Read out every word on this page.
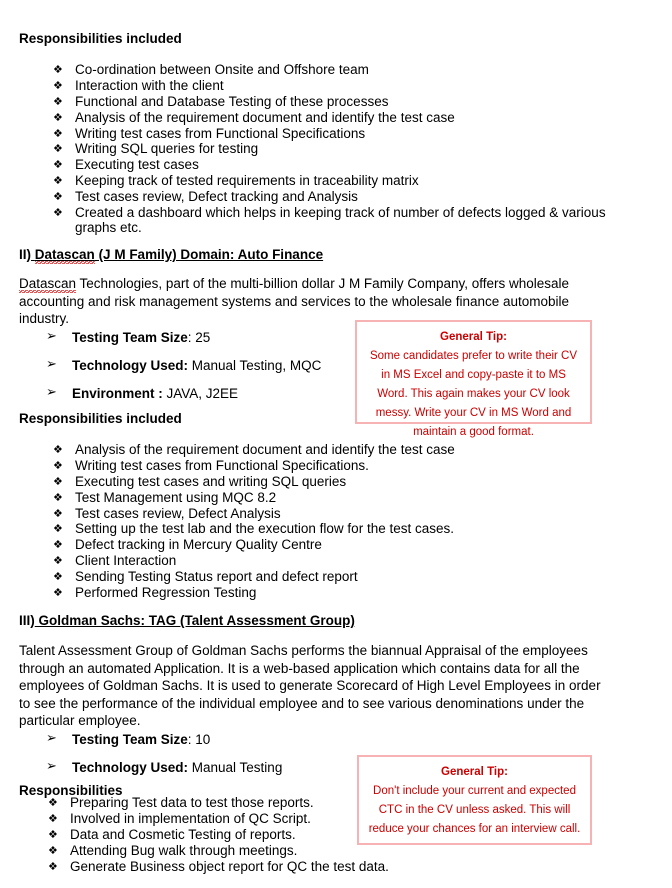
Responsibilities included
❖ Co-ordination between Onsite and Offshore team
❖ Interaction with the client
❖ Functional and Database Testing of these processes
❖ Analysis of the requirement document and identify the test case
❖ Writing test cases from Functional Specifications
❖ Writing SQL queries for testing
❖ Executing test cases
❖ Keeping track of tested requirements in traceability matrix
❖ Test cases review, Defect tracking and Analysis
❖ Created a dashboard which helps in keeping track of number of defects logged & various graphs etc.
II) Datascan (J M Family) Domain: Auto Finance
Datascan Technologies, part of the multi-billion dollar J M Family Company, offers wholesale accounting and risk management systems and services to the wholesale finance automobile industry.
➢ Testing Team Size: 25
➢ Technology Used: Manual Testing, MQC
➢ Environment : JAVA, J2EE
Responsibilities included
❖ Analysis of the requirement document and identify the test case
❖ Writing test cases from Functional Specifications.
❖ Executing test cases and writing SQL queries
❖ Test Management using MQC 8.2
❖ Test cases review, Defect Analysis
❖ Setting up the test lab and the execution flow for the test cases.
❖ Defect tracking in Mercury Quality Centre
❖ Client Interaction
❖ Sending Testing Status report and defect report
❖ Performed Regression Testing
III) Goldman Sachs: TAG (Talent Assessment Group)
Talent Assessment Group of Goldman Sachs performs the biannual Appraisal of the employees through an automated Application. It is a web-based application which contains data for all the employees of Goldman Sachs. It is used to generate Scorecard of High Level Employees in order to see the performance of the individual employee and to see various denominations under the particular employee.
➢ Testing Team Size: 10
➢ Technology Used: Manual Testing
Responsibilities
❖ Preparing Test data to test those reports.
❖ Involved in implementation of QC Script.
❖ Data and Cosmetic Testing of reports.
❖ Attending Bug walk through meetings.
❖ Generate Business object report for QC the test data.
General Tip:
Some candidates prefer to write their CV in MS Excel and copy-paste it to MS Word. This again makes your CV look messy. Write your CV in MS Word and maintain a good format.
General Tip:
Don't include your current and expected CTC in the CV unless asked. This will reduce your chances for an interview call.
